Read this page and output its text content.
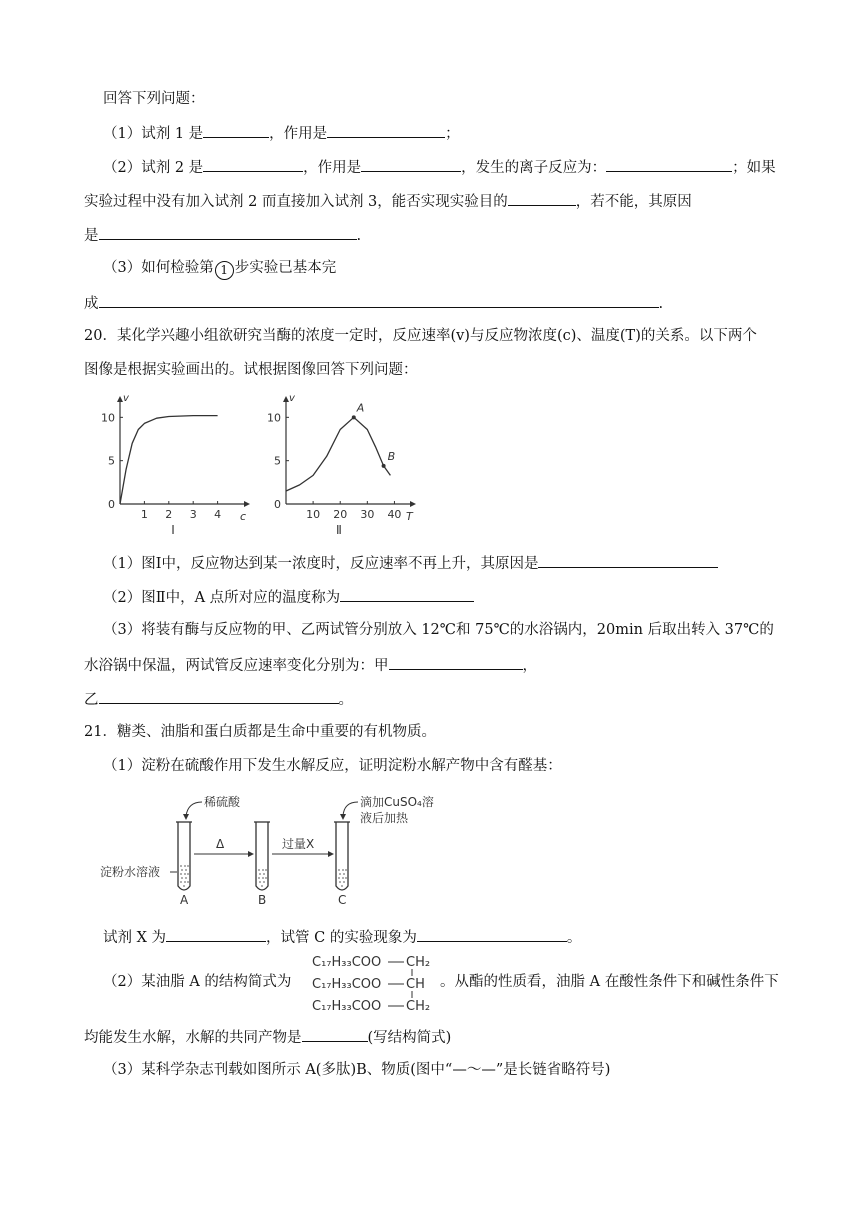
回答下列问题：
（1）试剂 1 是	，作用是	；
（2）试剂 2 是	，作用是	，发生的离子反应为：	；如果
实验过程中没有加入试剂 2 而直接加入试剂 3，能否实现实验目的	，若不能，其原因
是	.
（3）如何检验第 1 步实验已基本完
成	.
20．某化学兴趣小组欲研究当酶的浓度一定时，反应速率(v)与反应物浓度(c)、温度(T)的关系。以下两个
图像是根据实验画出的。试根据图像回答下列问题：
v
c
0
5
10
1 2 3 4
Ⅰ
v
T
0
5
10
10 20 30 40
Ⅱ
A
B
（1）图Ⅰ中，反应物达到某一浓度时，反应速率不再上升，其原因是
（2）图Ⅱ中，A 点所对应的温度称为
（3）将装有酶与反应物的甲、乙两试管分别放入 12℃和 75℃的水浴锅内，20min 后取出转入 37℃的
水浴锅中保温，两试管反应速率变化分别为：甲	，
乙	。
21．糖类、油脂和蛋白质都是生命中重要的有机物质。
（1）淀粉在硫酸作用下发生水解反应，证明淀粉水解产物中含有醛基：
A	B	C
Δ	过量X
稀硫酸	滴加CuSO₄溶
液后加热
淀粉水溶液
试剂 X 为	，试管 C 的实验现象为	。
（2）某油脂 A 的结构简式为
C₁₇H₃₃COO
C₁₇H₃₃COO
C₁₇H₃₃COO
CH₂
CH
CH₂
。从酯的性质看，油脂 A 在酸性条件下和碱性条件下
均能发生水解，水解的共同产物是	(写结构简式)
（3）某科学杂志刊载如图所示 A(多肽)B、物质(图中“—～—”是长链省略符号)
